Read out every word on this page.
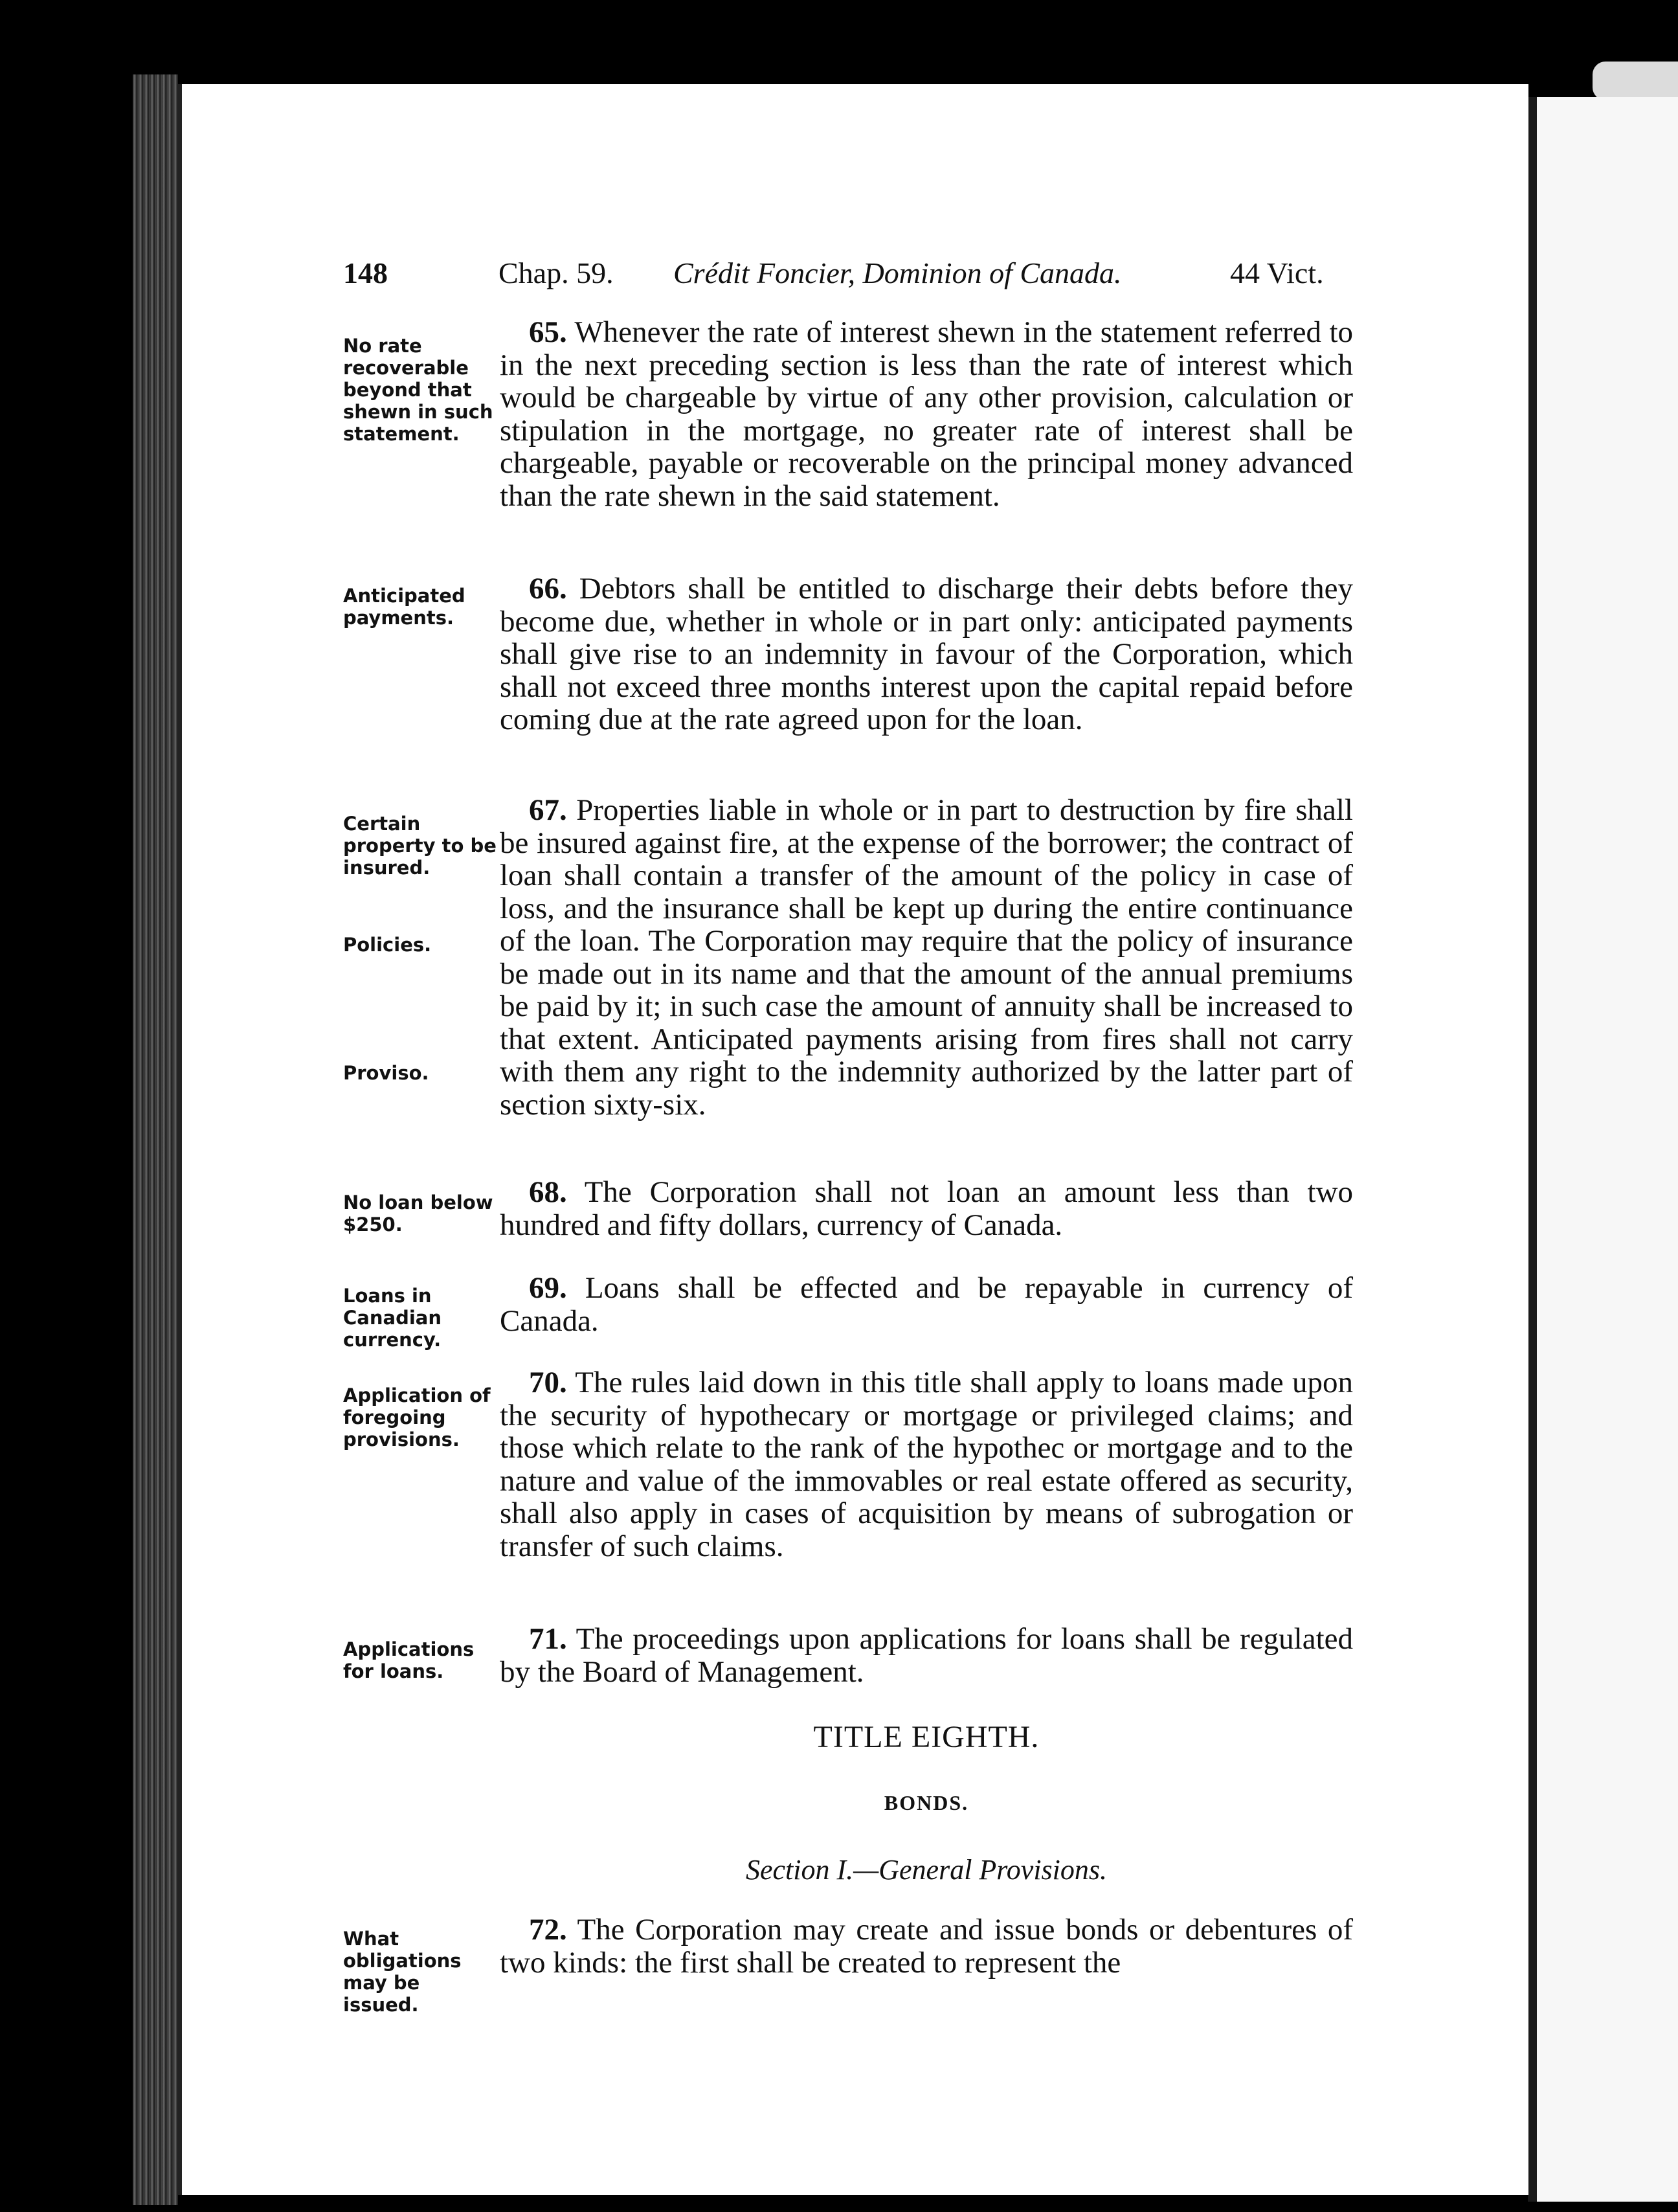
148	Chap. 59. Crédit Foncier, Dominion of Canada.	44 Vict.
No rate recoverable beyond that shewn in such statement.
Anticipated payments.
Certain property to be insured.
Policies.
Proviso.
No loan below $250.
Loans in Canadian currency.
Application of foregoing provisions.
Applications for loans.
What obligations may be issued.
65. Whenever the rate of interest shewn in the statement referred to in the next preceding section is less than the rate of interest which would be chargeable by virtue of any other provision, calculation or stipulation in the mortgage, no greater rate of interest shall be chargeable, payable or recoverable on the principal money advanced than the rate shewn in the said statement.
66. Debtors shall be entitled to discharge their debts before they become due, whether in whole or in part only: anticipated payments shall give rise to an indemnity in favour of the Corporation, which shall not exceed three months interest upon the capital repaid before coming due at the rate agreed upon for the loan.
67. Properties liable in whole or in part to destruction by fire shall be insured against fire, at the expense of the borrower; the contract of loan shall contain a transfer of the amount of the policy in case of loss, and the insurance shall be kept up during the entire continuance of the loan. The Corporation may require that the policy of insurance be made out in its name and that the amount of the annual premiums be paid by it; in such case the amount of annuity shall be increased to that extent. Anticipated payments arising from fires shall not carry with them any right to the indemnity authorized by the latter part of section sixty-six.
68. The Corporation shall not loan an amount less than two hundred and fifty dollars, currency of Canada.
69. Loans shall be effected and be repayable in currency of Canada.
70. The rules laid down in this title shall apply to loans made upon the security of hypothecary or mortgage or privileged claims; and those which relate to the rank of the hypothec or mortgage and to the nature and value of the immovables or real estate offered as security, shall also apply in cases of acquisition by means of subrogation or transfer of such claims.
71. The proceedings upon applications for loans shall be regulated by the Board of Management.
TITLE EIGHTH.
BONDS.
Section I.—General Provisions.
72. The Corporation may create and issue bonds or debentures of two kinds: the first shall be created to represent the
